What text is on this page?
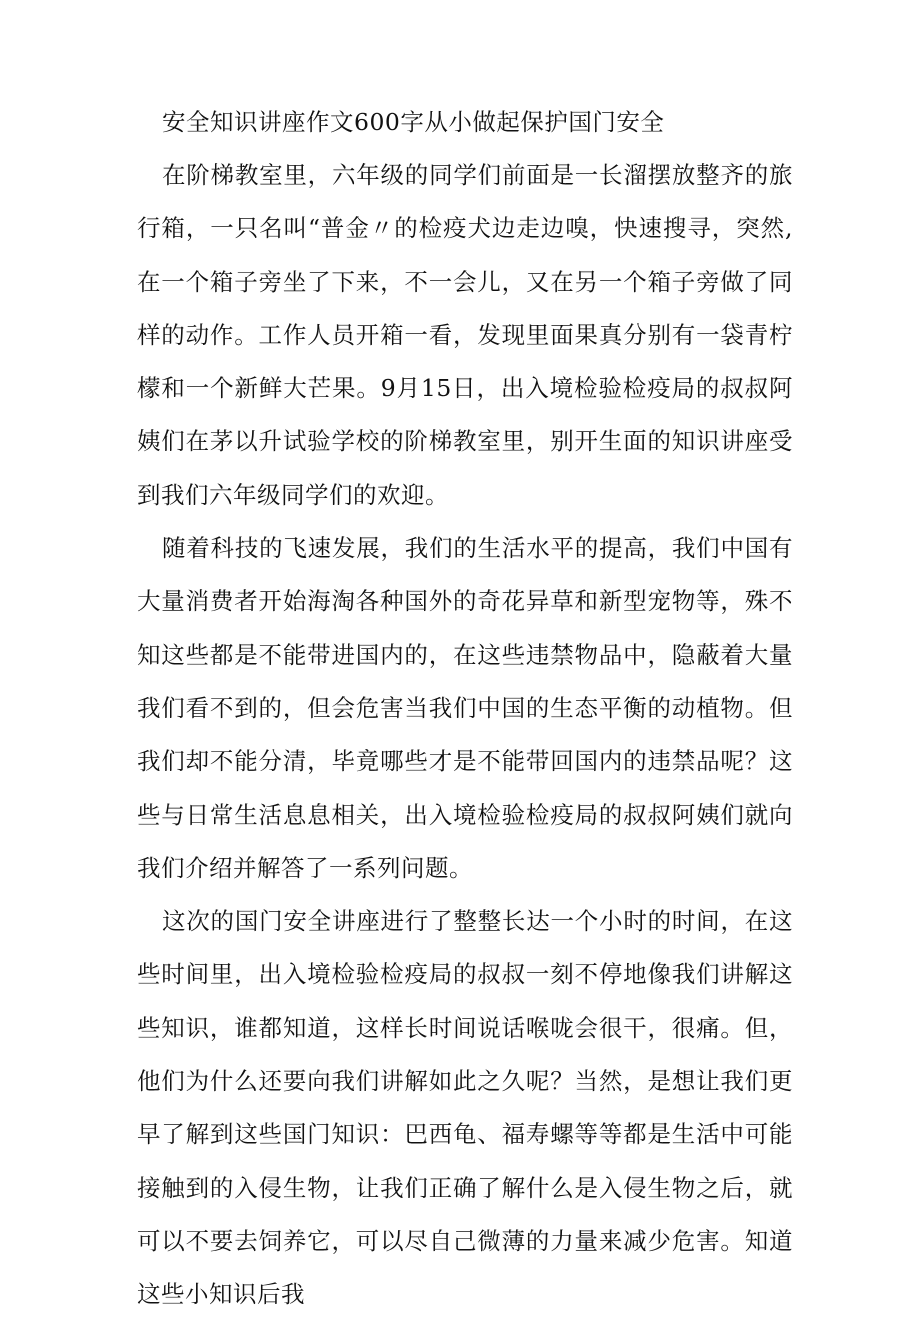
安全知识讲座作文600字从小做起保护国门安全

在阶梯教室里，六年级的同学们前面是一长溜摆放整齐的旅行箱，一只名叫“普金〃的检疫犬边走边嗅，快速搜寻，突然,在一个箱子旁坐了下来，不一会儿，又在另一个箱子旁做了同样的动作。工作人员开箱一看，发现里面果真分别有一袋青柠檬和一个新鲜大芒果。9月15日，出入境检验检疫局的叔叔阿姨们在茅以升试验学校的阶梯教室里，别开生面的知识讲座受到我们六年级同学们的欢迎。

随着科技的飞速发展，我们的生活水平的提高，我们中国有大量消费者开始海淘各种国外的奇花异草和新型宠物等，殊不知这些都是不能带进国内的，在这些违禁物品中，隐蔽着大量我们看不到的，但会危害当我们中国的生态平衡的动植物。但我们却不能分清，毕竟哪些才是不能带回国内的违禁品呢？这些与日常生活息息相关，出入境检验检疫局的叔叔阿姨们就向我们介绍并解答了一系列问题。

这次的国门安全讲座进行了整整长达一个小时的时间，在这些时间里，出入境检验检疫局的叔叔一刻不停地像我们讲解这些知识，谁都知道，这样长时间说话喉咙会很干，很痛。但，他们为什么还要向我们讲解如此之久呢？当然，是想让我们更早了解到这些国门知识：巴西龟、福寿螺等等都是生活中可能接触到的入侵生物，让我们正确了解什么是入侵生物之后，就可以不要去饲养它，可以尽自己微薄的力量来减少危害。知道这些小知识后我
